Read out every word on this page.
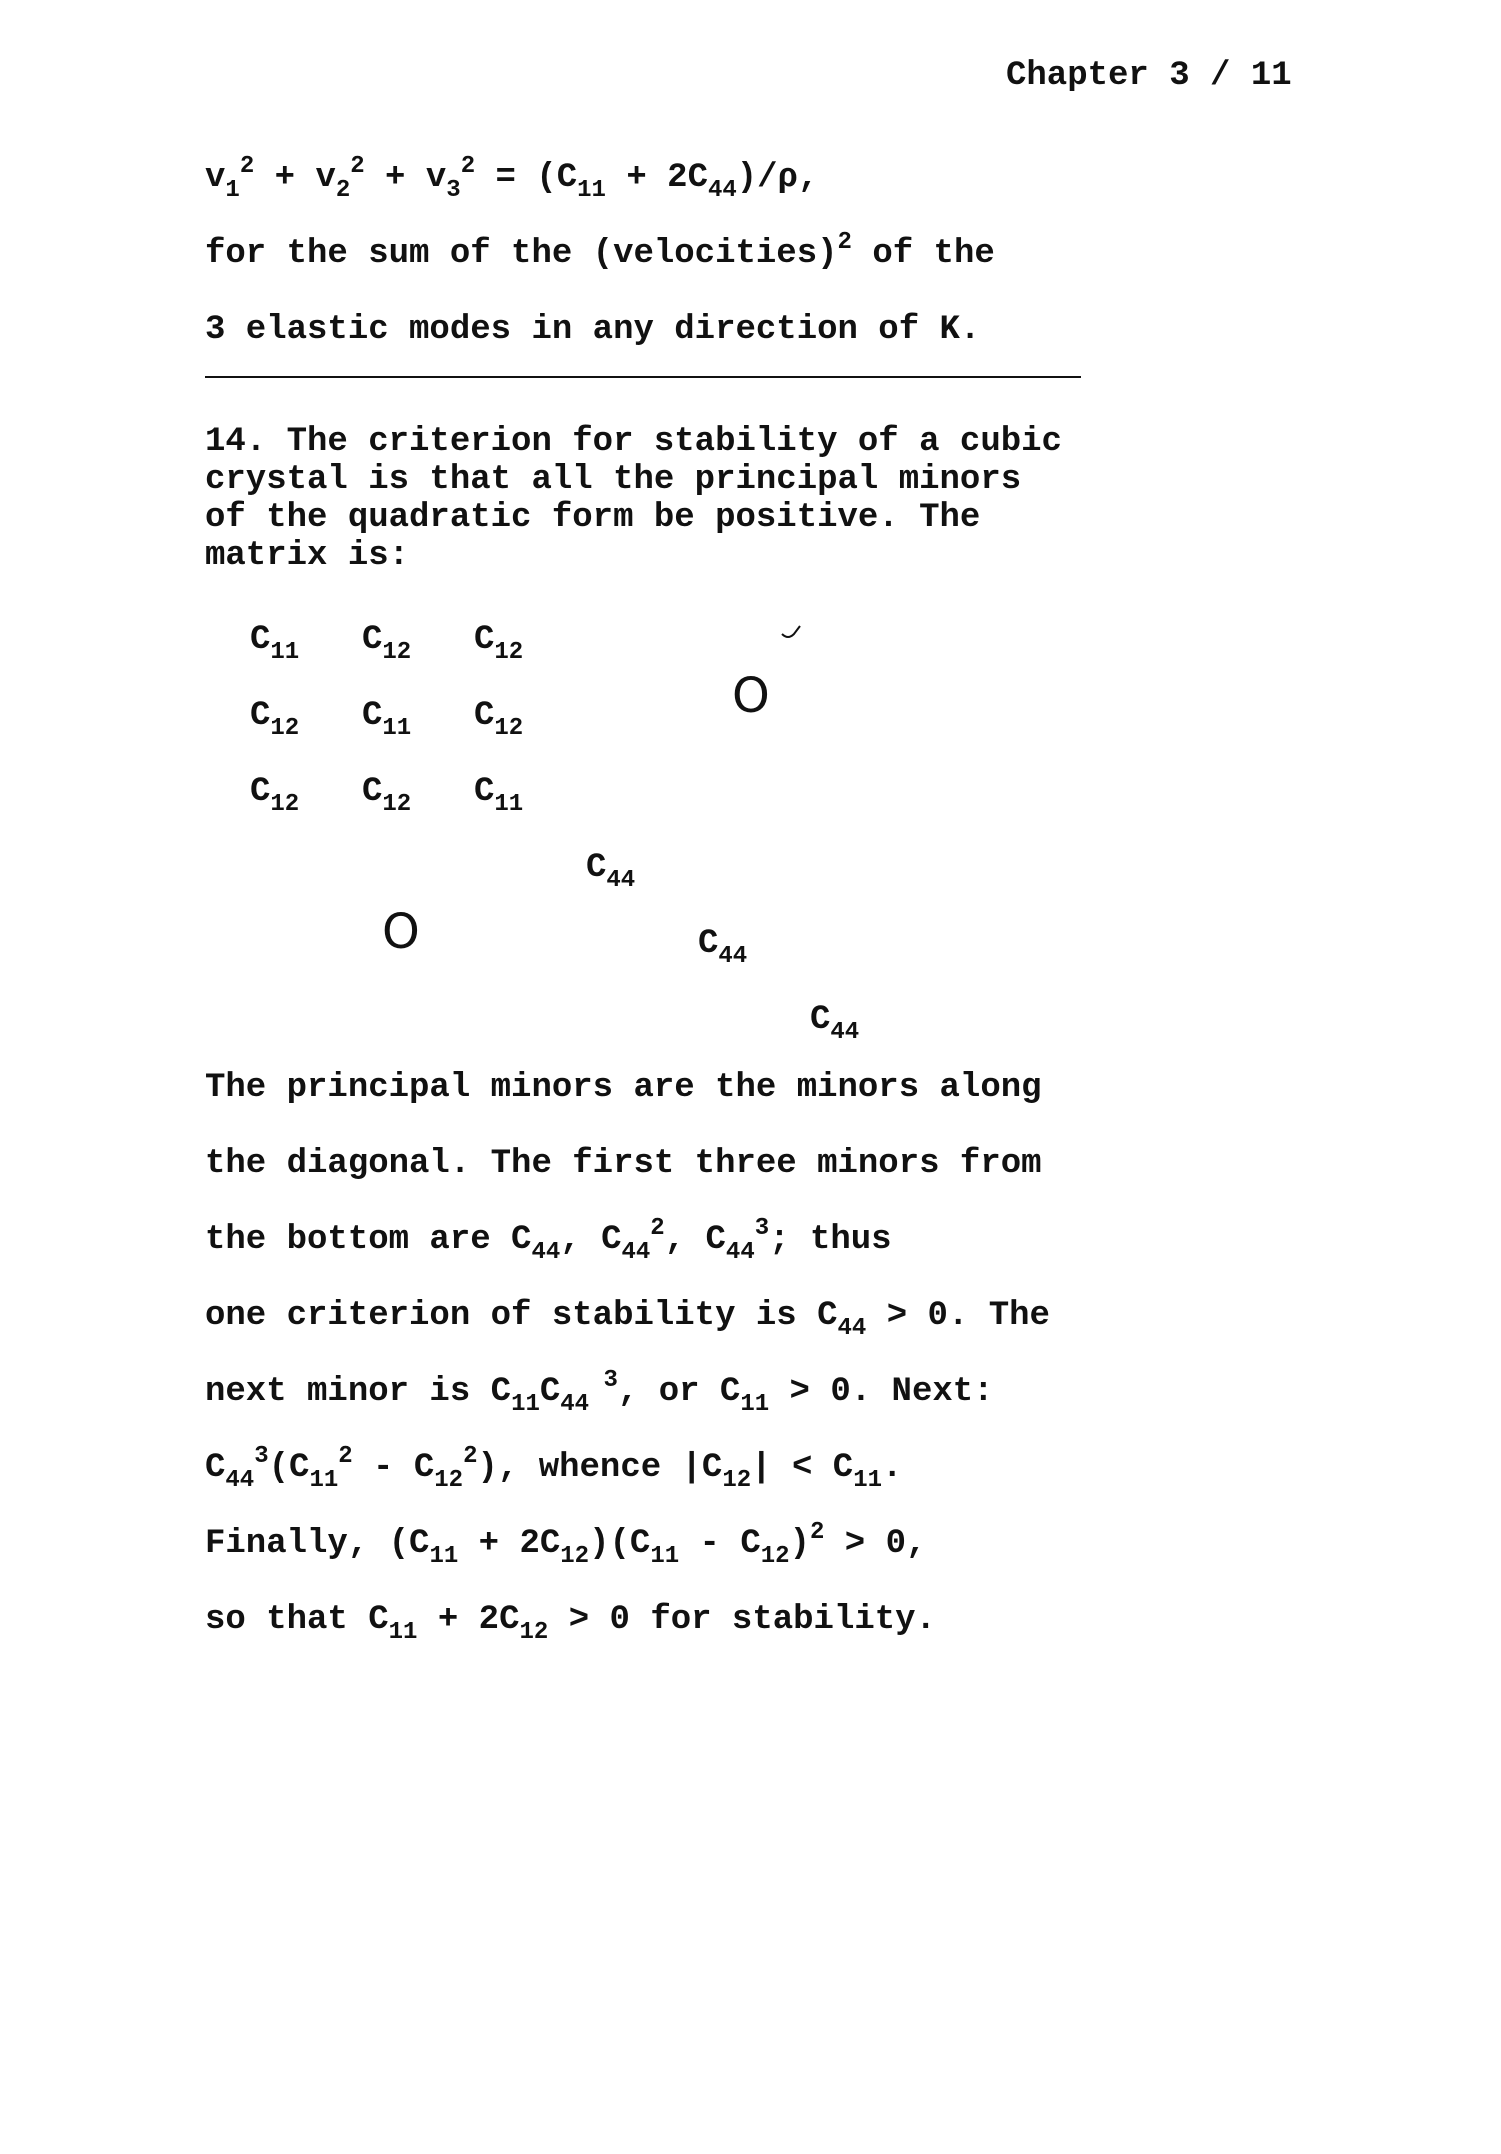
Chapter 3 / 11
$v_1^2 + v_2^2 + v_3^2 = (C_{11} + 2C_{44})/\rho$,
for the sum of the (velocities)$^2$ of the
3 elastic modes in any direction of K.
14. The criterion for stability of a cubic
crystal is that all the principal minors
of the quadratic form be positive. The
matrix is:
$C_{11}$ $C_{12}$ $C_{12}$
$C_{12}$ $C_{11}$ $C_{12}$
$C_{12}$ $C_{12}$ $C_{11}$
$C_{44}$
$C_{44}$
$C_{44}$
O
O
The principal minors are the minors along
the diagonal. The first three minors from
the bottom are $C_{44}$, $C_{44}^2$, $C_{44}^3$; thus
one criterion of stability is $C_{44} > 0$. The
next minor is $C_{11}C_{44}$ $^3$, or $C_{11} > 0$. Next:
$C_{44}^3(C_{11}^2 - C_{12}^2)$, whence $|C_{12}| < C_{11}$.
Finally, $(C_{11} + 2C_{12})(C_{11} - C_{12})^2 > 0$,
so that $C_{11} + 2C_{12} > 0$ for stability.
